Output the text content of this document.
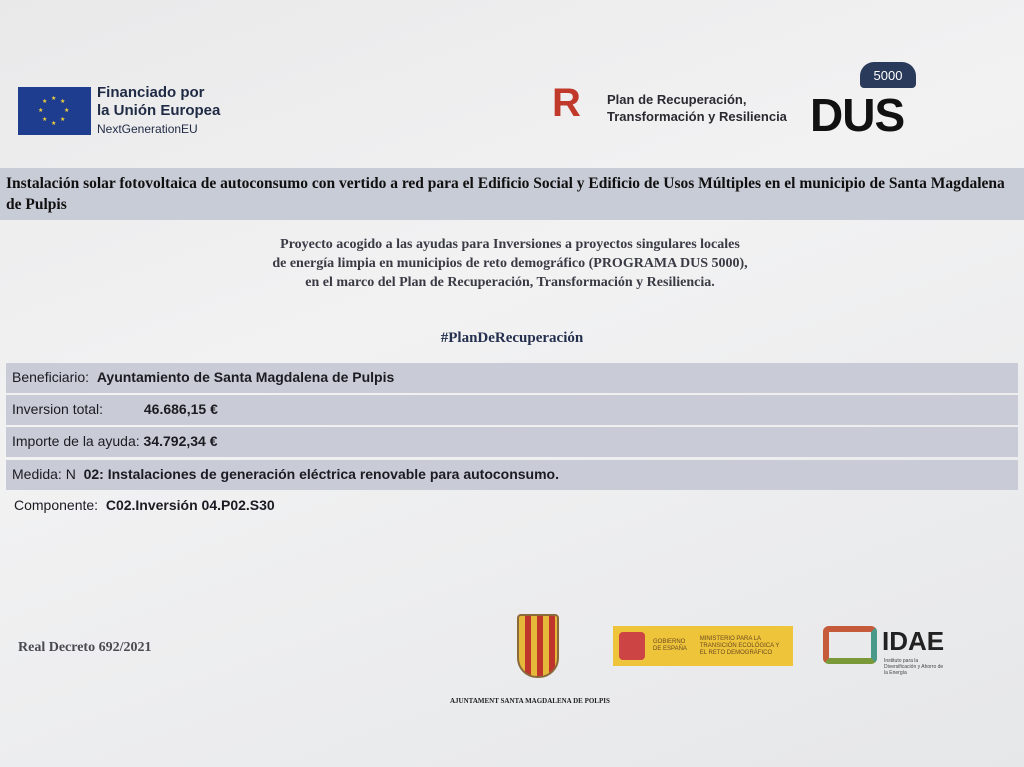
★ ★
★
★
★
★
★
★
Financiado por
la Unión Europea
NextGenerationEU
R	Plan de Recuperación,
Transformación y Resiliencia
5000
DUS
Instalación solar fotovoltaica de autoconsumo con vertido a red para el Edificio Social y Edificio de Usos Múltiples en el municipio de Santa Magdalena de Pulpis
Proyecto acogido a las ayudas para Inversiones a proyectos singulares locales
de energía limpia en municipios de reto demográfico (PROGRAMA DUS 5000),
en el marco del Plan de Recuperación, Transformación y Resiliencia.
#PlanDeRecuperación
Beneficiario: Ayuntamiento de Santa Magdalena de Pulpis
Inversion total:	46.686,15 €
Importe de la ayuda: 34.792,34 €
Medida: N 02: Instalaciones de generación eléctrica renovable para autoconsumo.
Componente: C02.Inversión 04.P02.S30
Real Decreto 692/2021
AJUNTAMENT SANTA MAGDALENA DE POLPIS
GOBIERNO DE ESPAÑA
MINISTERIO PARA LA TRANSICIÓN ECOLÓGICA Y EL RETO DEMOGRÁFICO	IDAE
Instituto para la Diversificación y Ahorro de la Energía
